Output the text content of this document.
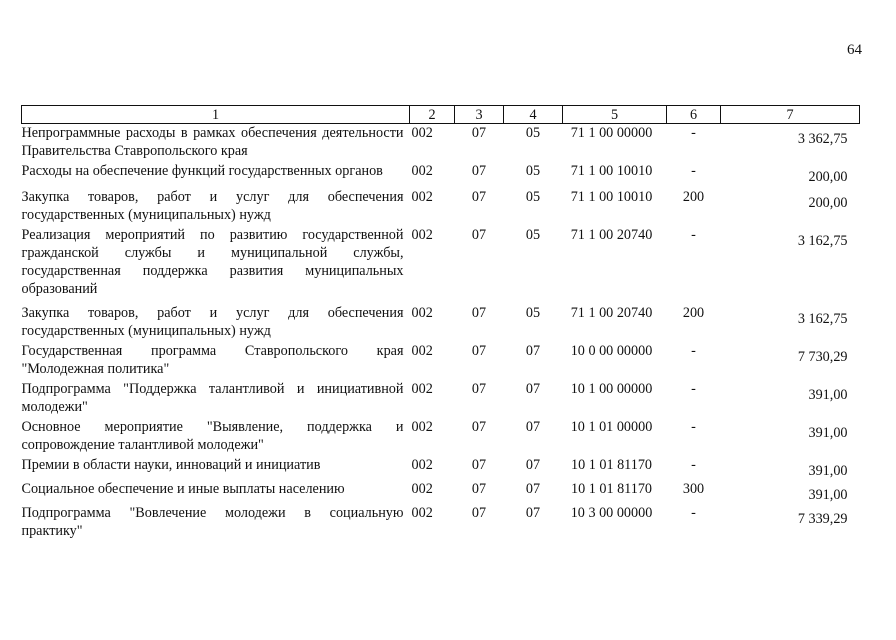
64
1	2	3	4	5	6	7
Непрограммные расходы в рамках обеспечения деятельности Правительства Ставропольского края	002	07	05	71 1 00 00000	-	3 362,75
Расходы на обеспечение функций государственных органов	002	07	05	71 1 00 10010	-	200,00
Закупка товаров, работ и услуг для обеспечения государственных (муниципальных) нужд	002	07	05	71 1 00 10010	200	200,00
Реализация мероприятий по развитию государственной гражданской службы и муниципальной службы, государственная поддержка развития муниципальных образований	002	07	05	71 1 00 20740	-	3 162,75
Закупка товаров, работ и услуг для обеспечения государственных (муниципальных) нужд	002	07	05	71 1 00 20740	200	3 162,75
Государственная программа Ставропольского края "Молодежная политика"	002	07	07	10 0 00 00000	-	7 730,29
Подпрограмма "Поддержка талантливой и инициативной молодежи"	002	07	07	10 1 00 00000	-	391,00
Основное мероприятие "Выявление, поддержка и сопровождение талантливой молодежи"	002	07	07	10 1 01 00000	-	391,00
Премии в области науки, инноваций и инициатив	002	07	07	10 1 01 81170	-	391,00
Социальное обеспечение и иные выплаты населению	002	07	07	10 1 01 81170	300	391,00
Подпрограмма "Вовлечение молодежи в социальную практику"	002	07	07	10 3 00 00000	-	7 339,29
